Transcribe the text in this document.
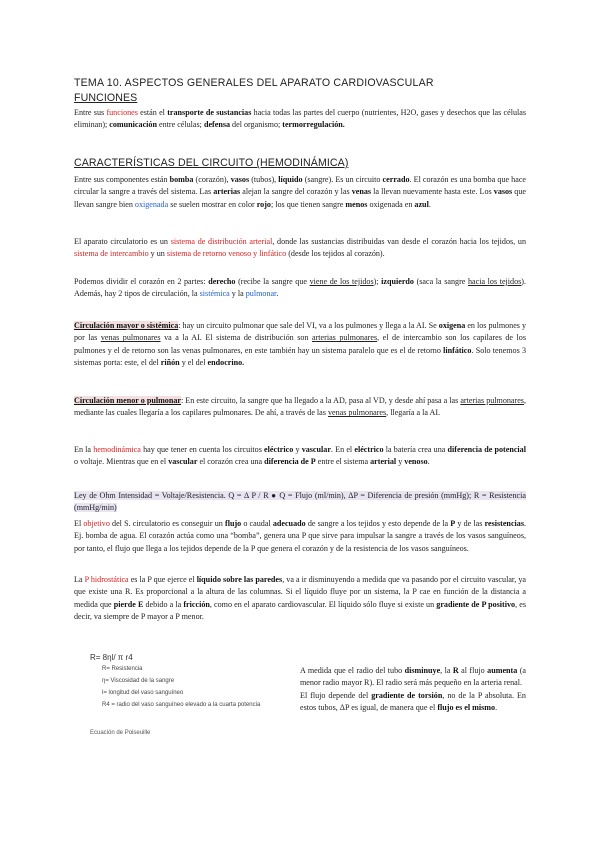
TEMA 10. ASPECTOS GENERALES DEL APARATO CARDIOVASCULAR
FUNCIONES
Entre sus funciones están el transporte de sustancias hacia todas las partes del cuerpo (nutrientes, H2O, gases y desechos que las células eliminan); comunicación entre células; defensa del organismo; termorregulación.
CARACTERÍSTICAS DEL CIRCUITO (HEMODINÁMICA)
Entre sus componentes están bomba (corazón), vasos (tubos), líquido (sangre). Es un circuito cerrado. El corazón es una bomba que hace circular la sangre a través del sistema. Las arterias alejan la sangre del corazón y las venas la llevan nuevamente hasta este. Los vasos que llevan sangre bien oxigenada se suelen mostrar en color rojo; los que tienen sangre menos oxigenada en azul.
El aparato circulatorio es un sistema de distribución arterial, donde las sustancias distribuidas van desde el corazón hacia los tejidos, un sistema de intercambio y un sistema de retorno venoso y linfático (desde los tejidos al corazón).
Podemos dividir el corazón en 2 partes: derecho (recibe la sangre que viene de los tejidos); izquierdo (saca la sangre hacia los tejidos). Además, hay 2 tipos de circulación, la sistémica y la pulmonar.
Circulación mayor o sistémica: hay un circuito pulmonar que sale del VI, va a los pulmones y llega a la AI. Se oxigena en los pulmones y por las venas pulmonares va a la AI. El sistema de distribución son arterias pulmonares, el de intercambio son los capilares de los pulmones y el de retorno son las venas pulmonares, en este también hay un sistema paralelo que es el de retorno linfático. Solo tenemos 3 sistemas porta: este, el del riñón y el del endocrino.
Circulación menor o pulmonar: En este circuito, la sangre que ha llegado a la AD, pasa al VD, y desde ahí pasa a las arterias pulmonares, mediante las cuales llegaría a los capilares pulmonares. De ahí, a través de las venas pulmonares, llegaría a la AI.
En la hemodinámica hay que tener en cuenta los circuitos eléctrico y vascular. En el eléctrico la batería crea una diferencia de potencial o voltaje. Mientras que en el vascular el corazón crea una diferencia de P entre el sistema arterial y venoso.
Ley de Ohm Intensidad = Voltaje/Resistencia. Q = Δ P / R ● Q = Flujo (ml/min), ΔP = Diferencia de presión (mmHg); R = Resistencia (mmHg/min)
El objetivo del S. circulatorio es conseguir un flujo o caudal adecuado de sangre a los tejidos y esto depende de la P y de las resistencias. Ej. bomba de agua. El corazón actúa como una “bomba”, genera una P que sirve para impulsar la sangre a través de los vasos sanguíneos, por tanto, el flujo que llega a los tejidos depende de la P que genera el corazón y de la resistencia de los vasos sanguíneos.
La P hidrostática es la P que ejerce el líquido sobre las paredes, va a ir disminuyendo a medida que va pasando por el circuito vascular, ya que existe una R. Es proporcional a la altura de las columnas. Si el líquido fluye por un sistema, la P cae en función de la distancia a medida que pierde E debido a la fricción, como en el aparato cardiovascular. El líquido sólo fluye si existe un gradiente de P positivo, es decir, va siempre de P mayor a P menor.
R= 8ηl/ π r4
R= Resistencia
η= Viscosidad de la sangre
l= longitud del vaso sanguíneo
R4 = radio del vaso sanguíneo elevado a la cuarta potencia
Ecuación de Poiseuille
A medida que el radio del tubo disminuye, la R al flujo aumenta (a menor radio mayor R). El radio será más pequeño en la arteria renal.
El flujo depende del gradiente de torsión, no de la P absoluta. En estos tubos, ΔP es igual, de manera que el flujo es el mismo.
